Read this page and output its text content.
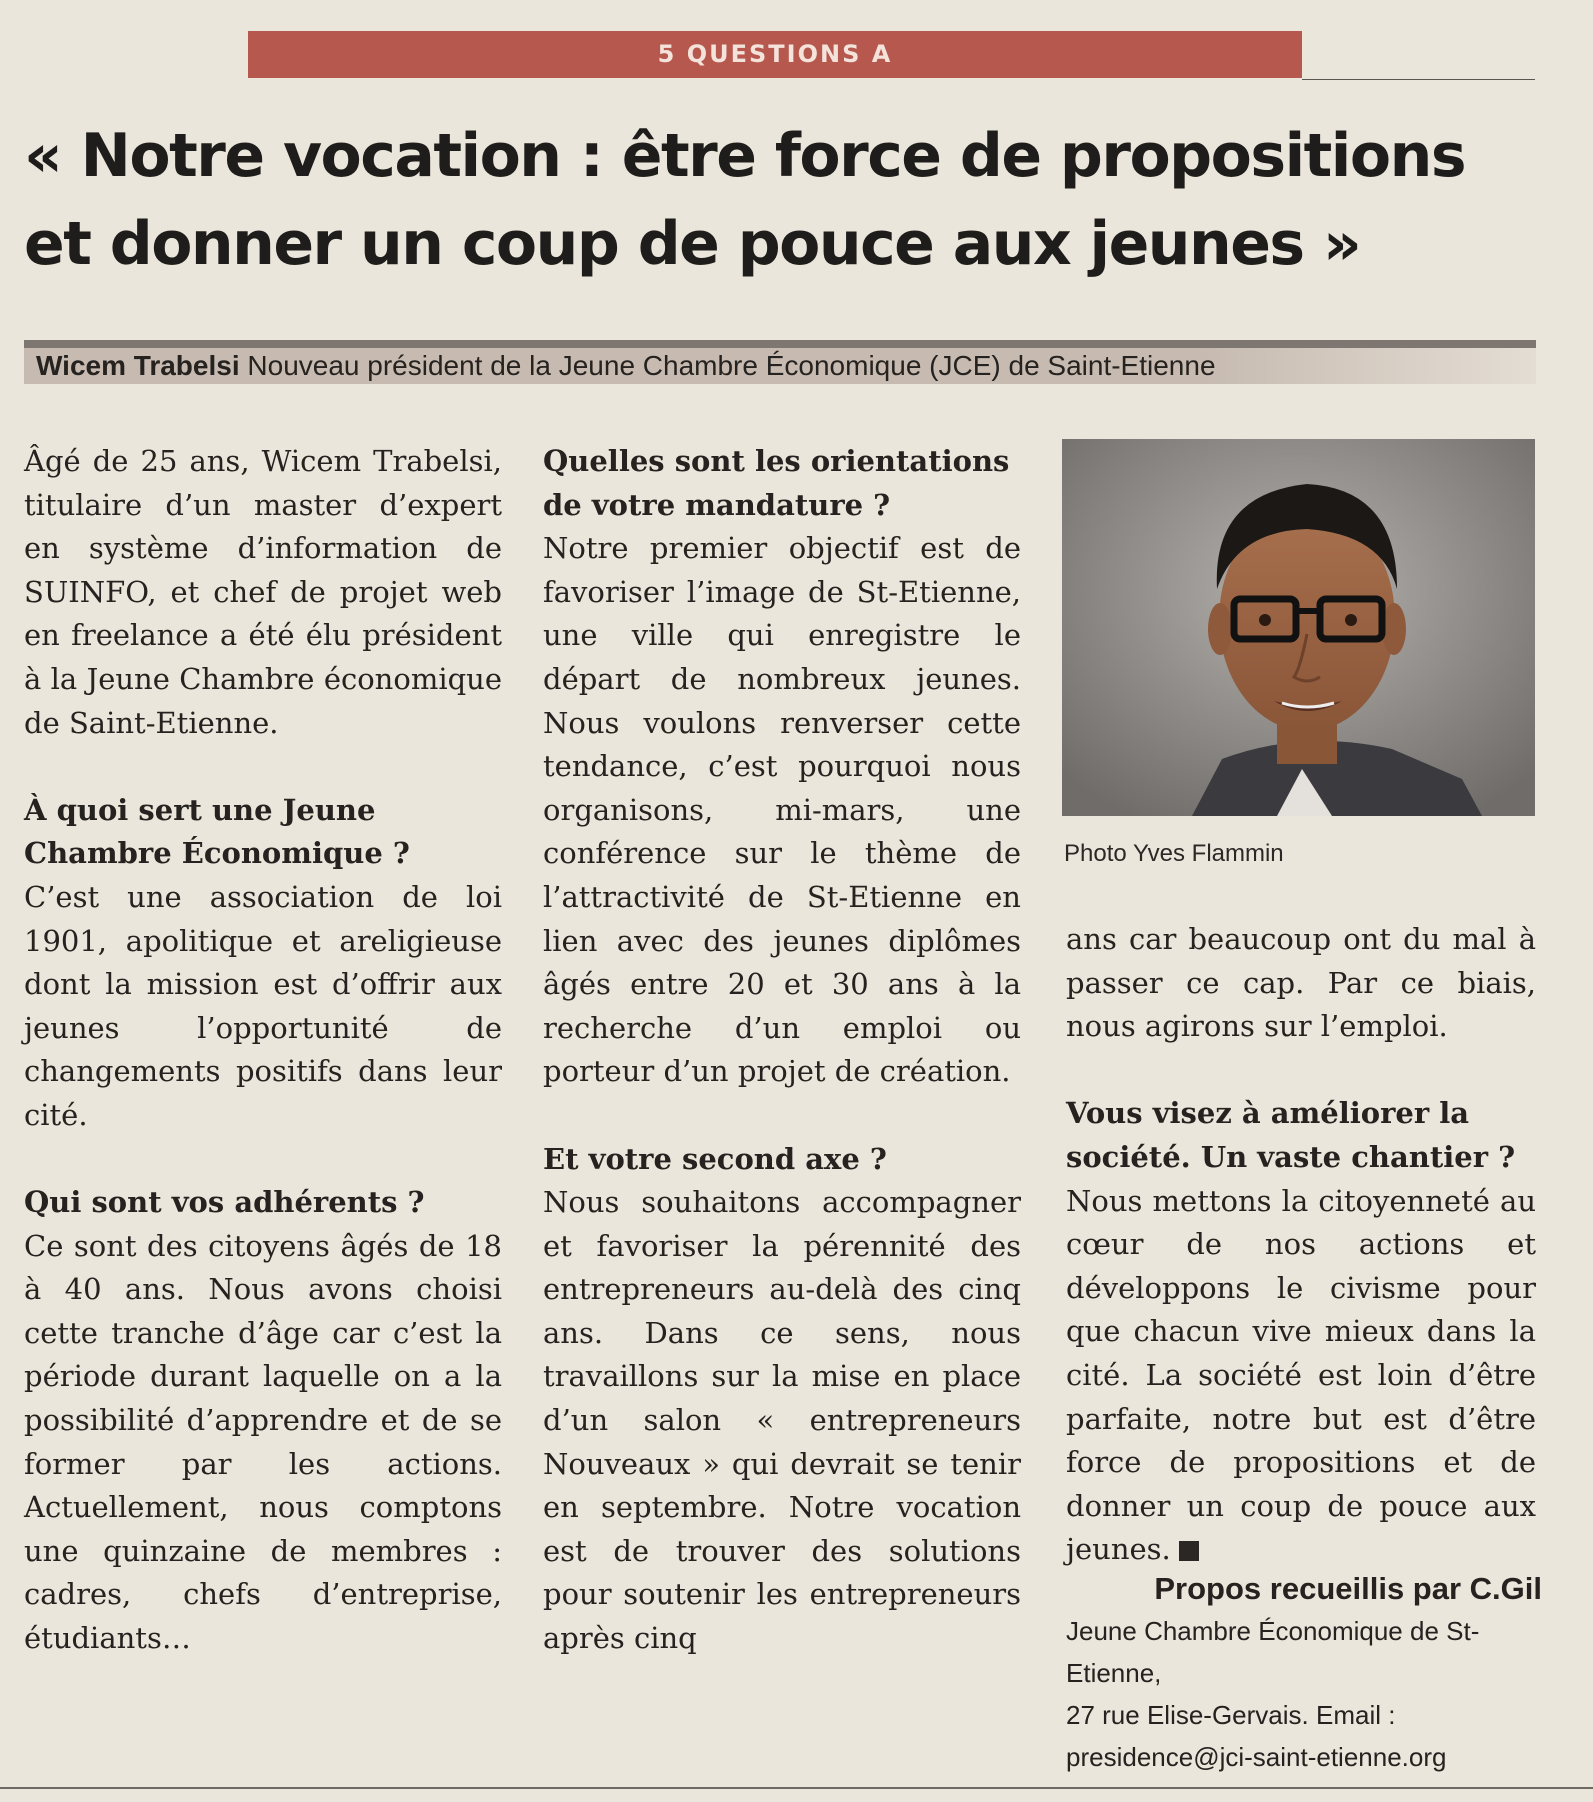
5 QUESTIONS A
« Notre vocation : être force de propositions
et donner un coup de pouce aux jeunes »
Wicem Trabelsi Nouveau président de la Jeune Chambre Économique (JCE) de Saint-Etienne

Âgé de 25 ans, Wicem Trabelsi, titulaire d’un master d’expert en système d’information de SUINFO, et chef de projet web en freelance a été élu président à la Jeune Chambre économique de Saint-Etienne.

À quoi sert une Jeune Chambre Économique ?

C’est une association de loi 1901, apolitique et areligieuse dont la mission est d’offrir aux jeunes l’opportunité de changements positifs dans leur cité.

Qui sont vos adhérents ?

Ce sont des citoyens âgés de 18 à 40 ans. Nous avons choisi cette tranche d’âge car c’est la période durant laquelle on a la possibilité d’apprendre et de se former par les actions. Actuellement, nous comptons une quinzaine de membres : cadres, chefs d’entreprise, étudiants…

Quelles sont les orientations de votre mandature ?

Notre premier objectif est de favoriser l’image de St-Etienne, une ville qui enregistre le départ de nombreux jeunes. Nous voulons renverser cette tendance, c’est pourquoi nous organisons, mi-mars, une conférence sur le thème de l’attractivité de St-Etienne en lien avec des jeunes diplômes âgés entre 20 et 30 ans à la recherche d’un emploi ou porteur d’un projet de création.

Et votre second axe ?

Nous souhaitons accompagner et favoriser la pérennité des entrepreneurs au-delà des cinq ans. Dans ce sens, nous travaillons sur la mise en place d’un salon « entrepreneurs Nouveaux » qui devrait se tenir en septembre. Notre vocation est de trouver des solutions pour soutenir les entrepreneurs après cinq

Photo Yves Flammin

ans car beaucoup ont du mal à passer ce cap. Par ce biais, nous agirons sur l’emploi.

Vous visez à améliorer la société. Un vaste chantier ?

Nous mettons la citoyenneté au cœur de nos actions et développons le civisme pour que chacun vive mieux dans la cité. La société est loin d’être parfaite, notre but est d’être force de propositions et de donner un coup de pouce aux jeunes.

Propos recueillis par C.Gil
Jeune Chambre Économique de St-Etienne,
27 rue Elise-Gervais. Email :
presidence@jci-saint-etienne.org
